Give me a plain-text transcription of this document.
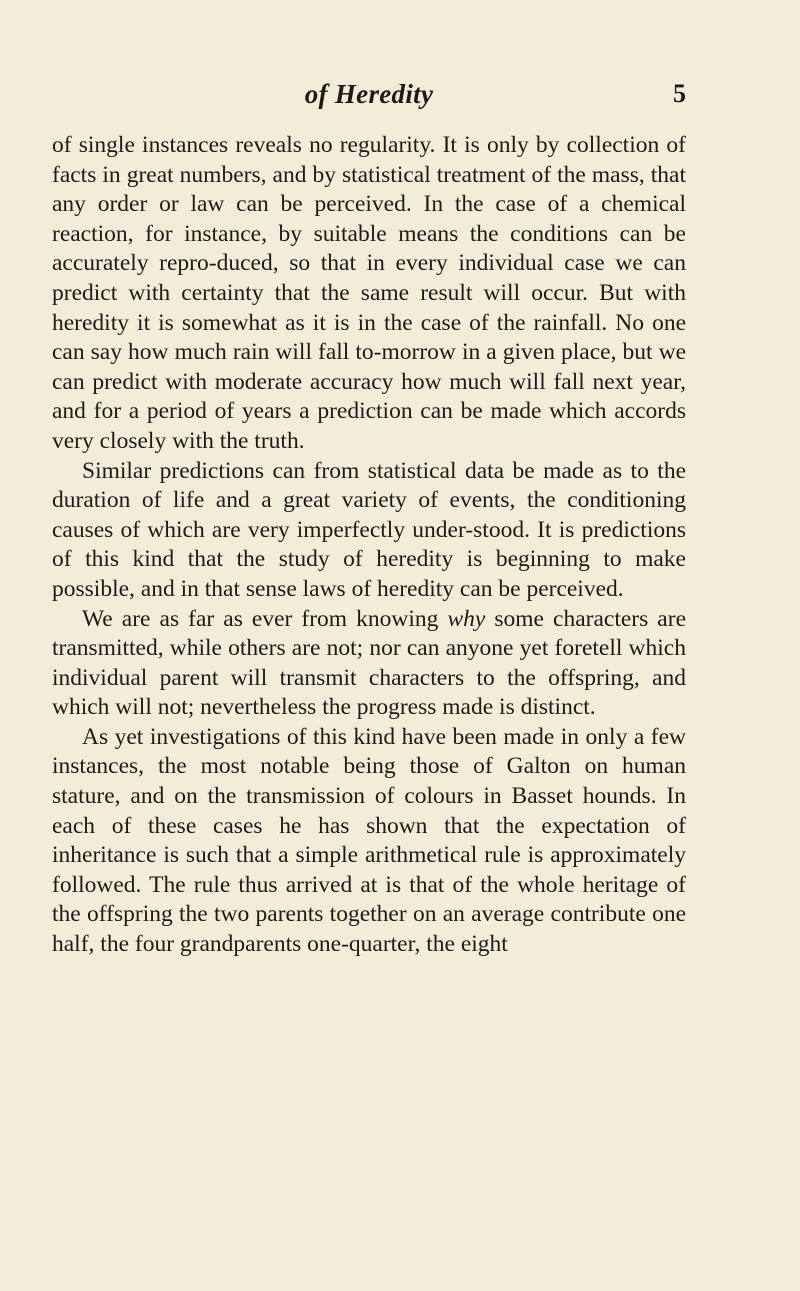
of Heredity	5

of single instances reveals no regularity. It is only by collection of facts in great numbers, and by statistical treatment of the mass, that any order or law can be perceived. In the case of a chemical reaction, for instance, by suitable means the conditions can be accurately repro-duced, so that in every individual case we can predict with certainty that the same result will occur. But with heredity it is somewhat as it is in the case of the rainfall. No one can say how much rain will fall to-morrow in a given place, but we can predict with moderate accuracy how much will fall next year, and for a period of years a prediction can be made which accords very closely with the truth.

Similar predictions can from statistical data be made as to the duration of life and a great variety of events, the conditioning causes of which are very imperfectly under-stood. It is predictions of this kind that the study of heredity is beginning to make possible, and in that sense laws of heredity can be perceived.

We are as far as ever from knowing why some characters are transmitted, while others are not; nor can anyone yet foretell which individual parent will transmit characters to the offspring, and which will not; nevertheless the progress made is distinct.

As yet investigations of this kind have been made in only a few instances, the most notable being those of Galton on human stature, and on the transmission of colours in Basset hounds. In each of these cases he has shown that the expectation of inheritance is such that a simple arithmetical rule is approximately followed. The rule thus arrived at is that of the whole heritage of the offspring the two parents together on an average contribute one half, the four grandparents one-quarter, the eight
